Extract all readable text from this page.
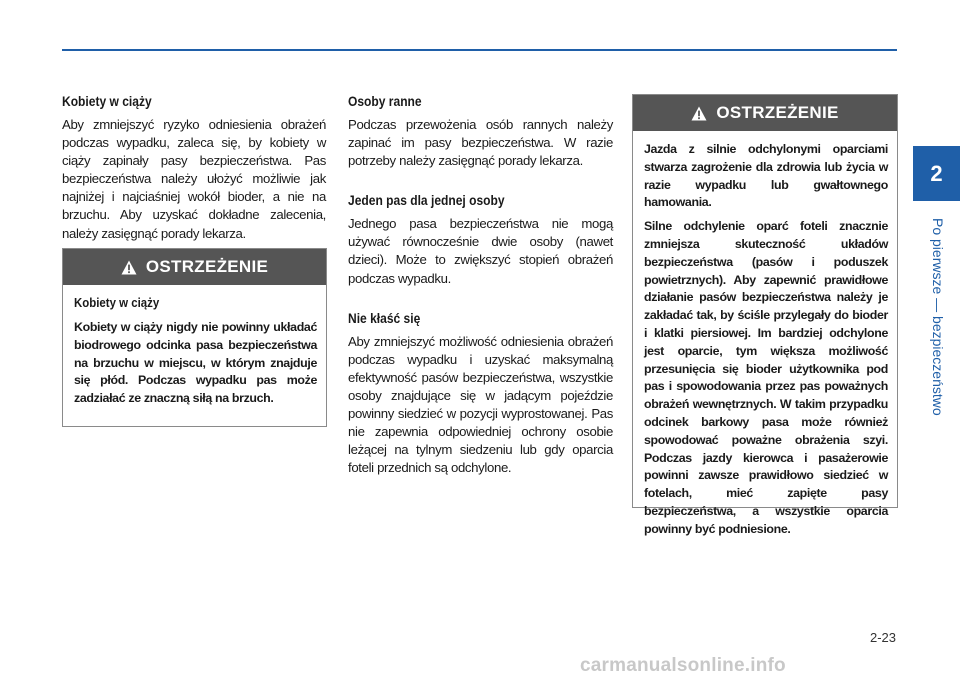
Kobiety w ciąży

Aby zmniejszyć ryzyko odniesienia obrażeń podczas wypadku, zaleca się, by kobiety w ciąży zapinały pasy bezpieczeństwa. Pas bezpieczeństwa należy ułożyć możliwie jak najniżej i najciaśniej wokół bioder, a nie na brzuchu. Aby uzyskać dokładne zalecenia, należy zasięgnąć porady lekarza.

OSTRZEŻENIE
Kobiety w ciąży

Kobiety w ciąży nigdy nie powinny układać biodrowego odcinka pasa bezpieczeństwa na brzuchu w miejscu, w którym znajduje się płód. Podczas wypadku pas może zadziałać ze znaczną siłą na brzuch.

Osoby ranne

Podczas przewożenia osób rannych należy zapinać im pasy bezpieczeństwa. W razie potrzeby należy zasięgnąć porady lekarza.

Jeden pas dla jednej osoby

Jednego pasa bezpieczeństwa nie mogą używać równocześnie dwie osoby (nawet dzieci). Może to zwiększyć stopień obrażeń podczas wypadku.

Nie kłaść się

Aby zmniejszyć możliwość odniesienia obrażeń podczas wypadku i uzyskać maksymalną efektywność pasów bezpieczeństwa, wszystkie osoby znajdujące się w jadącym pojeździe powinny siedzieć w pozycji wyprostowanej. Pas nie zapewnia odpowiedniej ochrony osobie leżącej na tylnym siedzeniu lub gdy oparcia foteli przednich są odchylone.

OSTRZEŻENIE

Jazda z silnie odchylonymi oparciami stwarza zagrożenie dla zdrowia lub życia w razie wypadku lub gwałtownego hamowania.

Silne odchylenie oparć foteli znacznie zmniejsza skuteczność układów bezpieczeństwa (pasów i poduszek powietrznych). Aby zapewnić prawidłowe działanie pasów bezpieczeństwa należy je zakładać tak, by ściśle przylegały do bioder i klatki piersiowej. Im bardziej odchylone jest oparcie, tym większa możliwość przesunięcia się bioder użytkownika pod pas i spowodowania przez pas poważnych obrażeń wewnętrznych. W takim przypadku odcinek barkowy pasa może również spowodować poważne obrażenia szyi. Podczas jazdy kierowca i pasażerowie powinni zawsze prawidłowo siedzieć w fotelach, mieć zapięte pasy bezpieczeństwa, a wszystkie oparcia powinny być podniesione.

2
Po pierwsze — bezpieczeństwo
2-23
carmanualsonline.info
